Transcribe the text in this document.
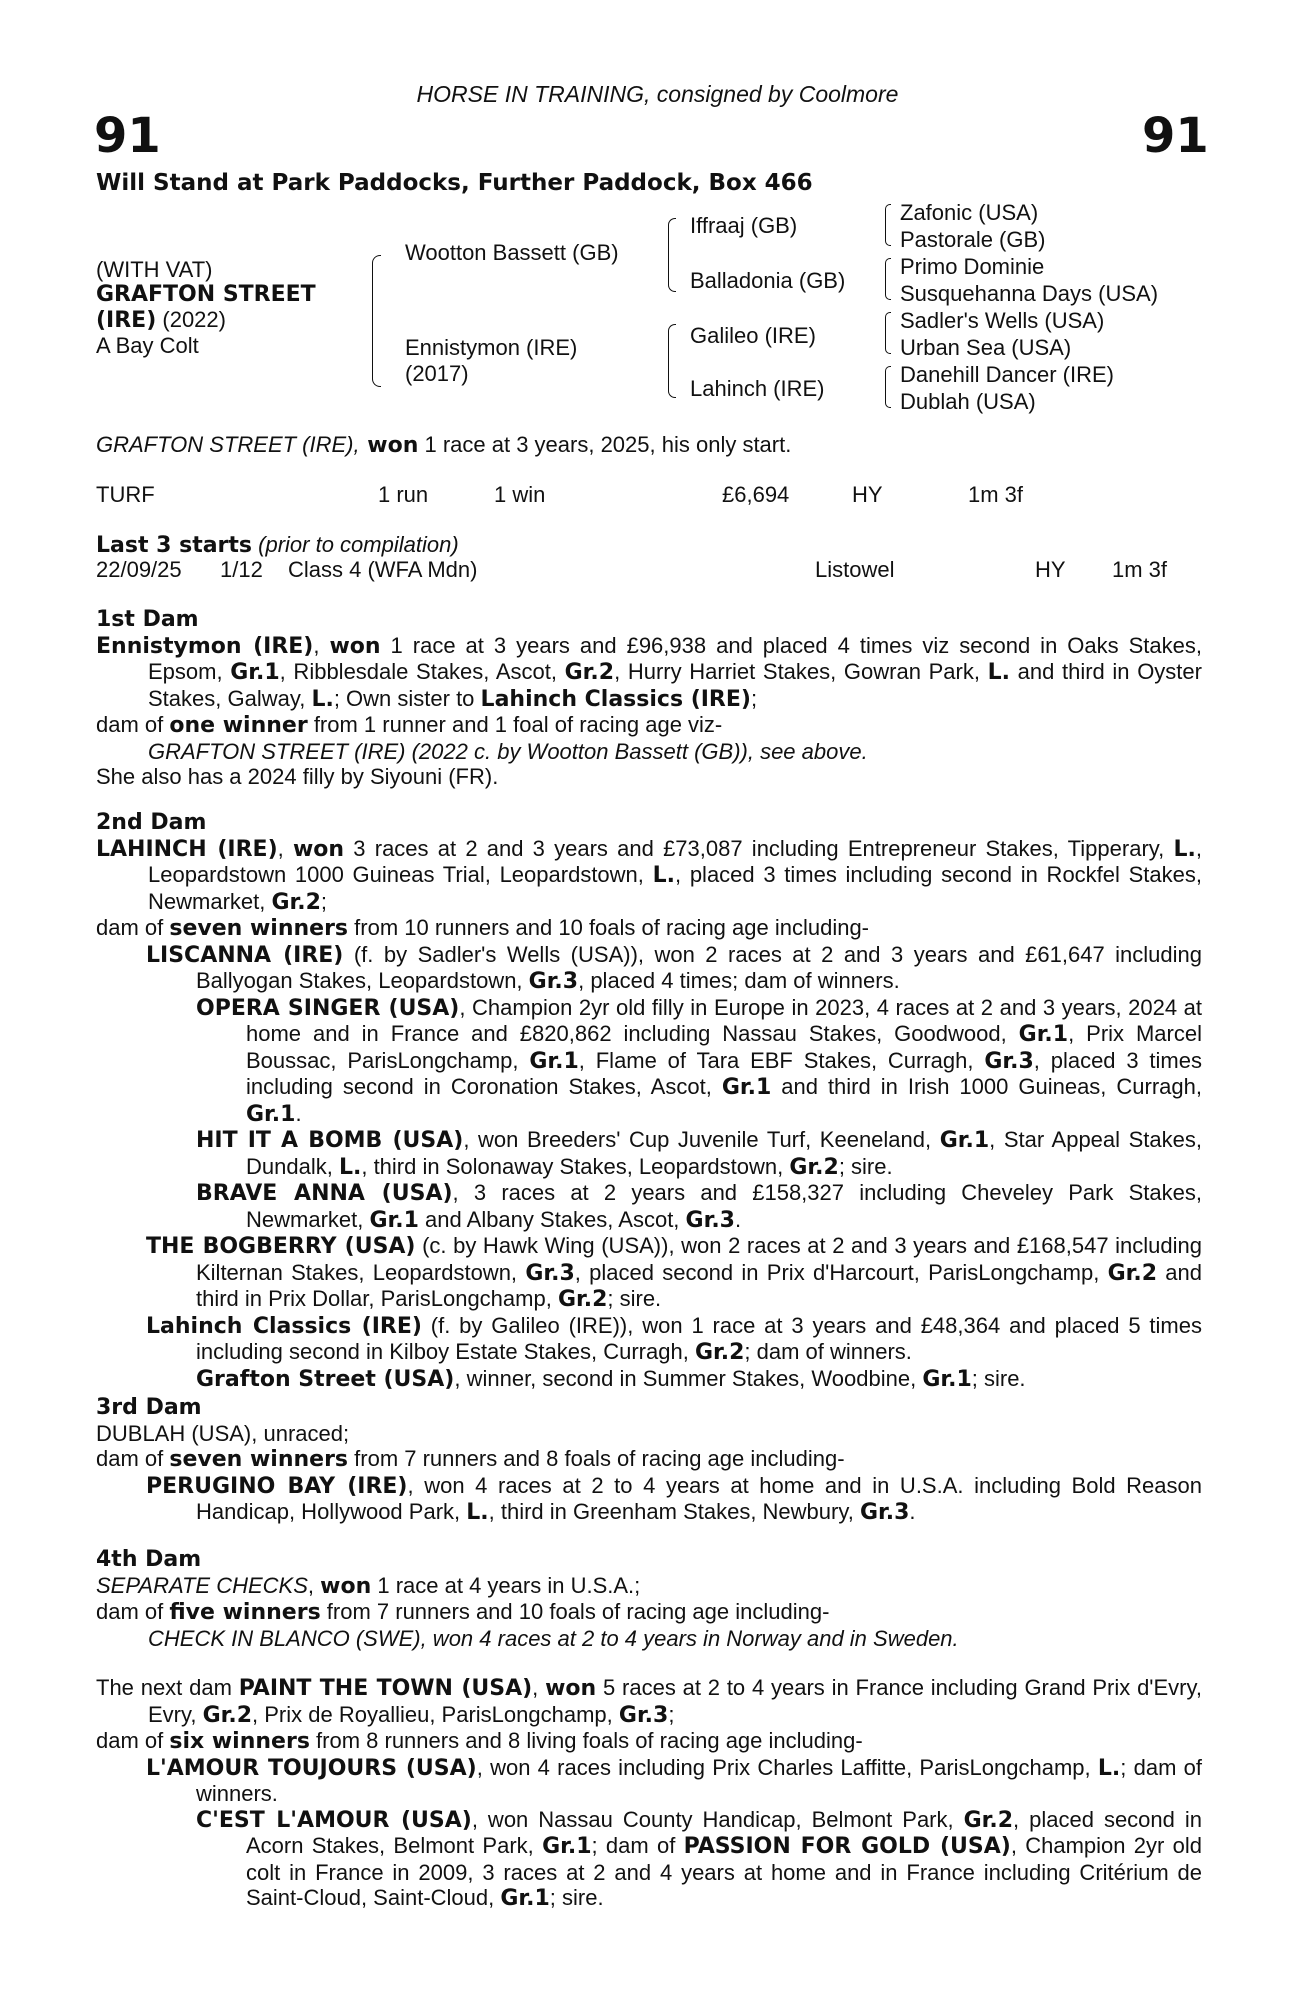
HORSE IN TRAINING, consigned by Coolmore
91	91
Will Stand at Park Paddocks, Further Paddock, Box 466
(WITH VAT)
GRAFTON STREET
(IRE) (2022)
A Bay Colt
Wootton Bassett (GB)
Ennistymon (IRE)
(2017)
Iffraaj (GB)
Balladonia (GB)
Galileo (IRE)
Lahinch (IRE)
Zafonic (USA)
Pastorale (GB)
Primo Dominie
Susquehanna Days (USA)
Sadler's Wells (USA)
Urban Sea (USA)
Danehill Dancer (IRE)
Dublah (USA)
GRAFTON STREET (IRE), won 1 race at 3 years, 2025, his only start.
TURF	1 run	1 win	£6,694	HY	1m 3f
Last 3 starts (prior to compilation)
22/09/25 1/12 Class 4 (WFA Mdn)	Listowel	HY 1m 3f

1st Dam

Ennistymon (IRE), won 1 race at 3 years and £96,938 and placed 4 times viz second in Oaks Stakes, Epsom, Gr.1, Ribblesdale Stakes, Ascot, Gr.2, Hurry Harriet Stakes, Gowran Park, L. and third in Oyster Stakes, Galway, L.; Own sister to Lahinch Classics (IRE);

dam of one winner from 1 runner and 1 foal of racing age viz-

GRAFTON STREET (IRE) (2022 c. by Wootton Bassett (GB)), see above.

She also has a 2024 filly by Siyouni (FR).

2nd Dam

LAHINCH (IRE), won 3 races at 2 and 3 years and £73,087 including Entrepreneur Stakes, Tipperary, L., Leopardstown 1000 Guineas Trial, Leopardstown, L., placed 3 times including second in Rockfel Stakes, Newmarket, Gr.2;

dam of seven winners from 10 runners and 10 foals of racing age including-

LISCANNA (IRE) (f. by Sadler's Wells (USA)), won 2 races at 2 and 3 years and £61,647 including Ballyogan Stakes, Leopardstown, Gr.3, placed 4 times; dam of winners.

OPERA SINGER (USA), Champion 2yr old filly in Europe in 2023, 4 races at 2 and 3 years, 2024 at home and in France and £820,862 including Nassau Stakes, Goodwood, Gr.1, Prix Marcel Boussac, ParisLongchamp, Gr.1, Flame of Tara EBF Stakes, Curragh, Gr.3, placed 3 times including second in Coronation Stakes, Ascot, Gr.1 and third in Irish 1000 Guineas, Curragh, Gr.1.

HIT IT A BOMB (USA), won Breeders' Cup Juvenile Turf, Keeneland, Gr.1, Star Appeal Stakes, Dundalk, L., third in Solonaway Stakes, Leopardstown, Gr.2; sire.

BRAVE ANNA (USA), 3 races at 2 years and £158,327 including Cheveley Park Stakes, Newmarket, Gr.1 and Albany Stakes, Ascot, Gr.3.

THE BOGBERRY (USA) (c. by Hawk Wing (USA)), won 2 races at 2 and 3 years and £168,547 including Kilternan Stakes, Leopardstown, Gr.3, placed second in Prix d'Harcourt, ParisLongchamp, Gr.2 and third in Prix Dollar, ParisLongchamp, Gr.2; sire.

Lahinch Classics (IRE) (f. by Galileo (IRE)), won 1 race at 3 years and £48,364 and placed 5 times including second in Kilboy Estate Stakes, Curragh, Gr.2; dam of winners.

Grafton Street (USA), winner, second in Summer Stakes, Woodbine, Gr.1; sire.

3rd Dam

DUBLAH (USA), unraced;

dam of seven winners from 7 runners and 8 foals of racing age including-

PERUGINO BAY (IRE), won 4 races at 2 to 4 years at home and in U.S.A. including Bold Reason Handicap, Hollywood Park, L., third in Greenham Stakes, Newbury, Gr.3.

4th Dam

SEPARATE CHECKS, won 1 race at 4 years in U.S.A.;

dam of five winners from 7 runners and 10 foals of racing age including-

CHECK IN BLANCO (SWE), won 4 races at 2 to 4 years in Norway and in Sweden.

The next dam PAINT THE TOWN (USA), won 5 races at 2 to 4 years in France including Grand Prix d'Evry, Evry, Gr.2, Prix de Royallieu, ParisLongchamp, Gr.3;

dam of six winners from 8 runners and 8 living foals of racing age including-

L'AMOUR TOUJOURS (USA), won 4 races including Prix Charles Laffitte, ParisLongchamp, L.; dam of winners.

C'EST L'AMOUR (USA), won Nassau County Handicap, Belmont Park, Gr.2, placed second in Acorn Stakes, Belmont Park, Gr.1; dam of PASSION FOR GOLD (USA), Champion 2yr old colt in France in 2009, 3 races at 2 and 4 years at home and in France including Critérium de Saint-Cloud, Saint-Cloud, Gr.1; sire.
